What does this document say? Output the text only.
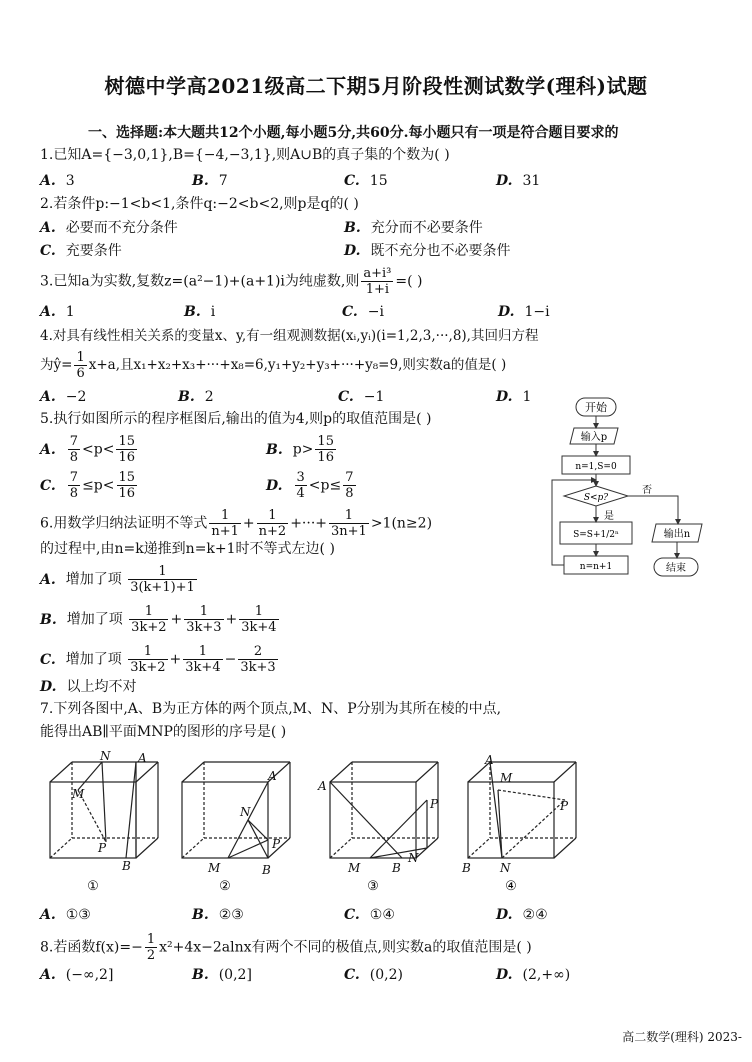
树德中学高2021级高二下期5月阶段性测试数学(理科)试题
一、选择题:本大题共12个小题,每小题5分,共60分.每小题只有一项是符合题目要求的
1.已知A={−3,0,1},B={−4,−3,1},则A∪B的真子集的个数为( )
A. 3	B. 7	C. 15	D. 31
2.若条件p:−1<b<1,条件q:−2<b<2,则p是q的( )
A. 必要而不充分条件	B. 充分而不必要条件
C. 充要条件	D. 既不充分也不必要条件
3.已知a为实数,复数z=(a²−1)+(a+1)i为纯虚数,则 $\frac{\text{a+i³}}{1+i}$ =( )
A. 1	B. i	C. −i	D. 1−i
4.对具有线性相关关系的变量x、y,有一组观测数据(xᵢ,yᵢ)(i=1,2,3,···,8),其回归方程
为ŷ= $\frac{1}{6} x+a$,且x₁+x₂+x₃+···+x₈=6,y₁+y₂+y₃+···+y₈=9,则实数a的值是( )
A. −2	B. 2	C. −1	D. 1
5.执行如图所示的程序框图后,输出的值为4,则p的取值范围是( )
A. $\frac{7}{8} <p< \frac{15}{16}$	B. $p> \frac{15}{16}$
C. $\frac{7}{8} \le p< \frac{15}{16}$	D. $\frac{3}{4} <p\le \frac{7}{8}$
开始
输入p
n=1,S=0
S<p?
是
否
S=S+1/2ⁿ
n=n+1
输出n
结束
6.用数学归纳法证明不等式 $\frac{1}{n+1} + \frac{1}{n+2}$ +···+ $\frac{1}{3n+1} >1(n\ge 2)$
的过程中,由n=k递推到n=k+1时不等式左边( )
A. 增加了项 $\frac{1}{3(k+1)+1}$
B. 增加了项 $\frac{1}{3k+2} + \frac{1}{3k+3} + \frac{1}{3k+4}$
C. 增加了项 $\frac{1}{3k+2} + \frac{1}{3k+4} - \frac{2}{3k+3}$
D. 以上均不对
7.下列各图中,A、B为正方体的两个顶点,M、N、P分别为其所在棱的中点,
能得出AB∥平面MNP的图形的序号是( )
N A
M
P
B
A
N
P
M	B
A
P
N
M	B
A
M
P
B N
①	②	③	④
A. ①③	B. ②③	C. ①④	D. ②④
8.若函数$f(x)=- \frac{1}{2} x^2+4x-2alnx$有两个不同的极值点,则实数a的取值范围是( )
A. (−∞,2]	B. (0,2]	C. (0,2)	D. (2,+∞)
高二数学(理科) 2023-
